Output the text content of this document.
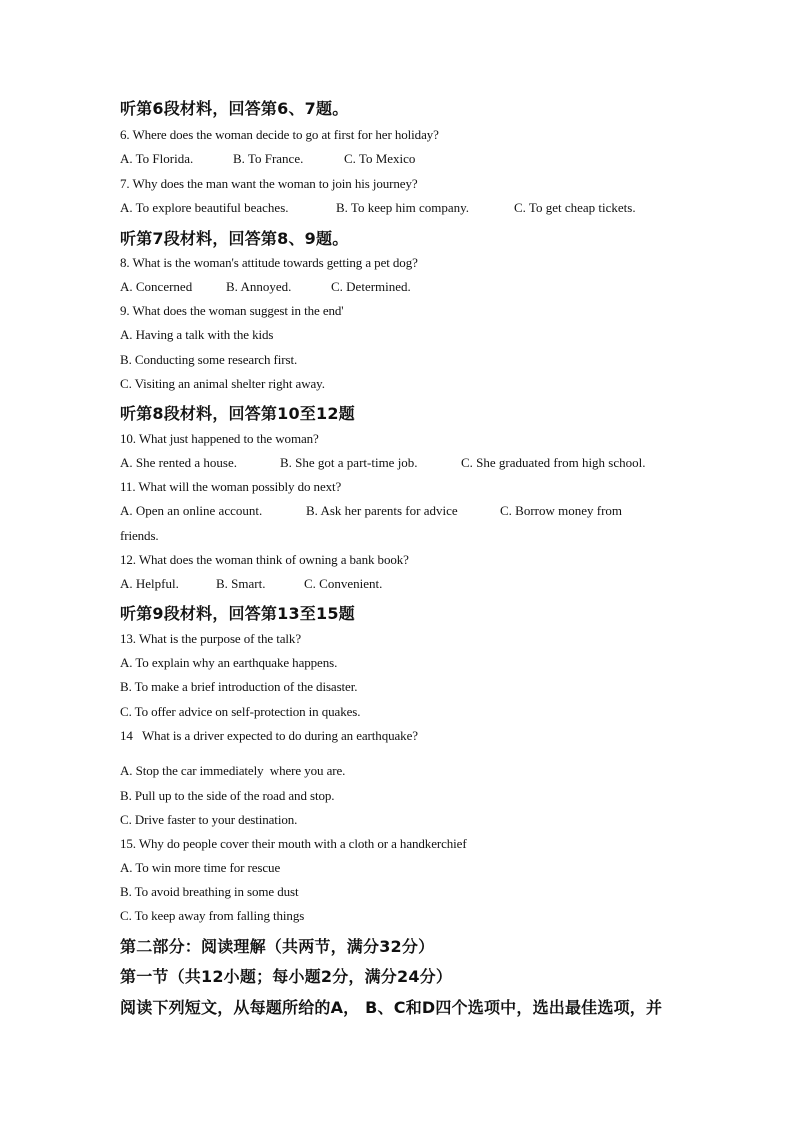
听第6段材料，回答第6、7题。
6. Where does the woman decide to go at first for her holiday?
A. To Florida.	B. To France.	C. To Mexico
7. Why does the man want the woman to join his journey?
A. To explore beautiful beaches.	B. To keep him company.	C. To get cheap tickets.
听第7段材料，回答第8、9题。
8. What is the woman's attitude towards getting a pet dog?
A. Concerned	B. Annoyed.	C. Determined.
9. What does the woman suggest in the end'
A. Having a talk with the kids
B. Conducting some research first.
C. Visiting an animal shelter right away.
听第8段材料，回答第10至12题
10. What just happened to the woman?
A. She rented a house.	B. She got a part-time job.	C. She graduated from high school.
11. What will the woman possibly do next?
A. Open an online account.	B. Ask her parents for advice	C. Borrow money from
friends.
12. What does the woman think of owning a bank book?
A. Helpful.	B. Smart.	C. Convenient.
听第9段材料，回答第13至15题
13. What is the purpose of the talk?
A. To explain why an earthquake happens.
B. To make a brief introduction of the disaster.
C. To offer advice on self-protection in quakes.
14   What is a driver expected to do during an earthquake?
A. Stop the car immediately  where you are.
B. Pull up to the side of the road and stop.
C. Drive faster to your destination.
15. Why do people cover their mouth with a cloth or a handkerchief
A. To win more time for rescue
B. To avoid breathing in some dust
C. To keep away from falling things
第二部分：阅读理解（共两节，满分32分）
第一节（共12小题；每小题2分，满分24分）
阅读下列短文，从每题所给的A， B、C和D四个选项中，选出最佳选项，并
